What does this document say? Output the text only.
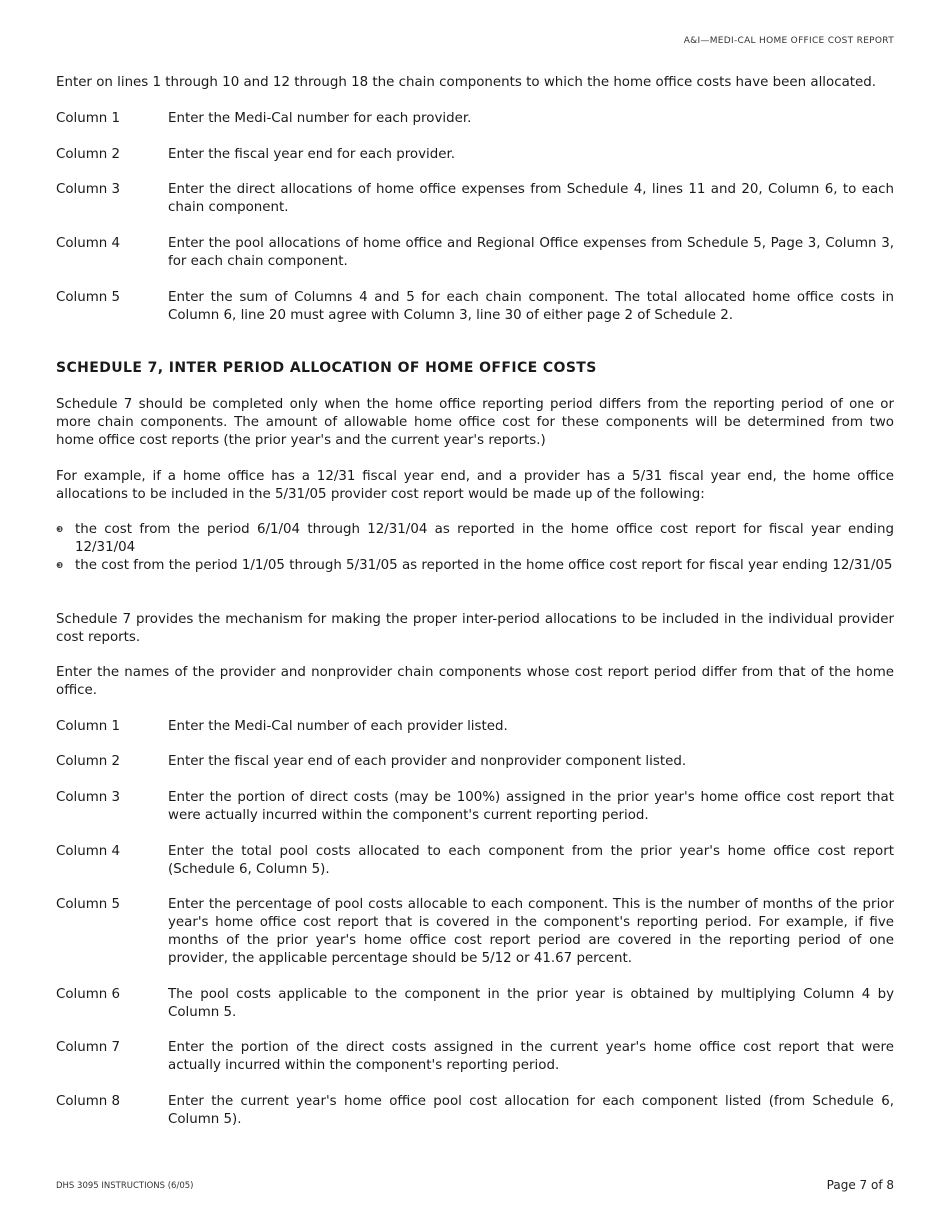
A&I—MEDI-CAL HOME OFFICE COST REPORT

Enter on lines 1 through 10 and 12 through 18 the chain components to which the home office costs have been allocated.

Column 1	Enter the Medi-Cal number for each provider.
Column 2	Enter the fiscal year end for each provider.
Column 3	Enter the direct allocations of home office expenses from Schedule 4, lines 11 and 20, Column 6, to each chain component.
Column 4	Enter the pool allocations of home office and Regional Office expenses from Schedule 5, Page 3, Column 3, for each chain component.
Column 5	Enter the sum of Columns 4 and 5 for each chain component. The total allocated home office costs in Column 6, line 20 must agree with Column 3, line 30 of either page 2 of Schedule 2.
SCHEDULE 7, INTER PERIOD ALLOCATION OF HOME OFFICE COSTS

Schedule 7 should be completed only when the home office reporting period differs from the reporting period of one or more chain components. The amount of allowable home office cost for these components will be determined from two home office cost reports (the prior year's and the current year's reports.)

For example, if a home office has a 12/31 fiscal year end, and a provider has a 5/31 fiscal year end, the home office allocations to be included in the 5/31/05 provider cost report would be made up of the following:

❸ the cost from the period 6/1/04 through 12/31/04 as reported in the home office cost report for fiscal year ending 12/31/04
❸ the cost from the period 1/1/05 through 5/31/05 as reported in the home office cost report for fiscal year ending 12/31/05

Schedule 7 provides the mechanism for making the proper inter-period allocations to be included in the individual provider cost reports.

Enter the names of the provider and nonprovider chain components whose cost report period differ from that of the home office.

Column 1	Enter the Medi-Cal number of each provider listed.
Column 2	Enter the fiscal year end of each provider and nonprovider component listed.
Column 3	Enter the portion of direct costs (may be 100%) assigned in the prior year's home office cost report that were actually incurred within the component's current reporting period.
Column 4	Enter the total pool costs allocated to each component from the prior year's home office cost report (Schedule 6, Column 5).
Column 5	Enter the percentage of pool costs allocable to each component. This is the number of months of the prior year's home office cost report that is covered in the component's reporting period. For example, if five months of the prior year's home office cost report period are covered in the reporting period of one provider, the applicable percentage should be 5/12 or 41.67 percent.
Column 6	The pool costs applicable to the component in the prior year is obtained by multiplying Column 4 by Column 5.
Column 7	Enter the portion of the direct costs assigned in the current year's home office cost report that were actually incurred within the component's reporting period.
Column 8	Enter the current year's home office pool cost allocation for each component listed (from Schedule 6, Column 5).
DHS 3095 INSTRUCTIONS (6/05)	Page 7 of 8
